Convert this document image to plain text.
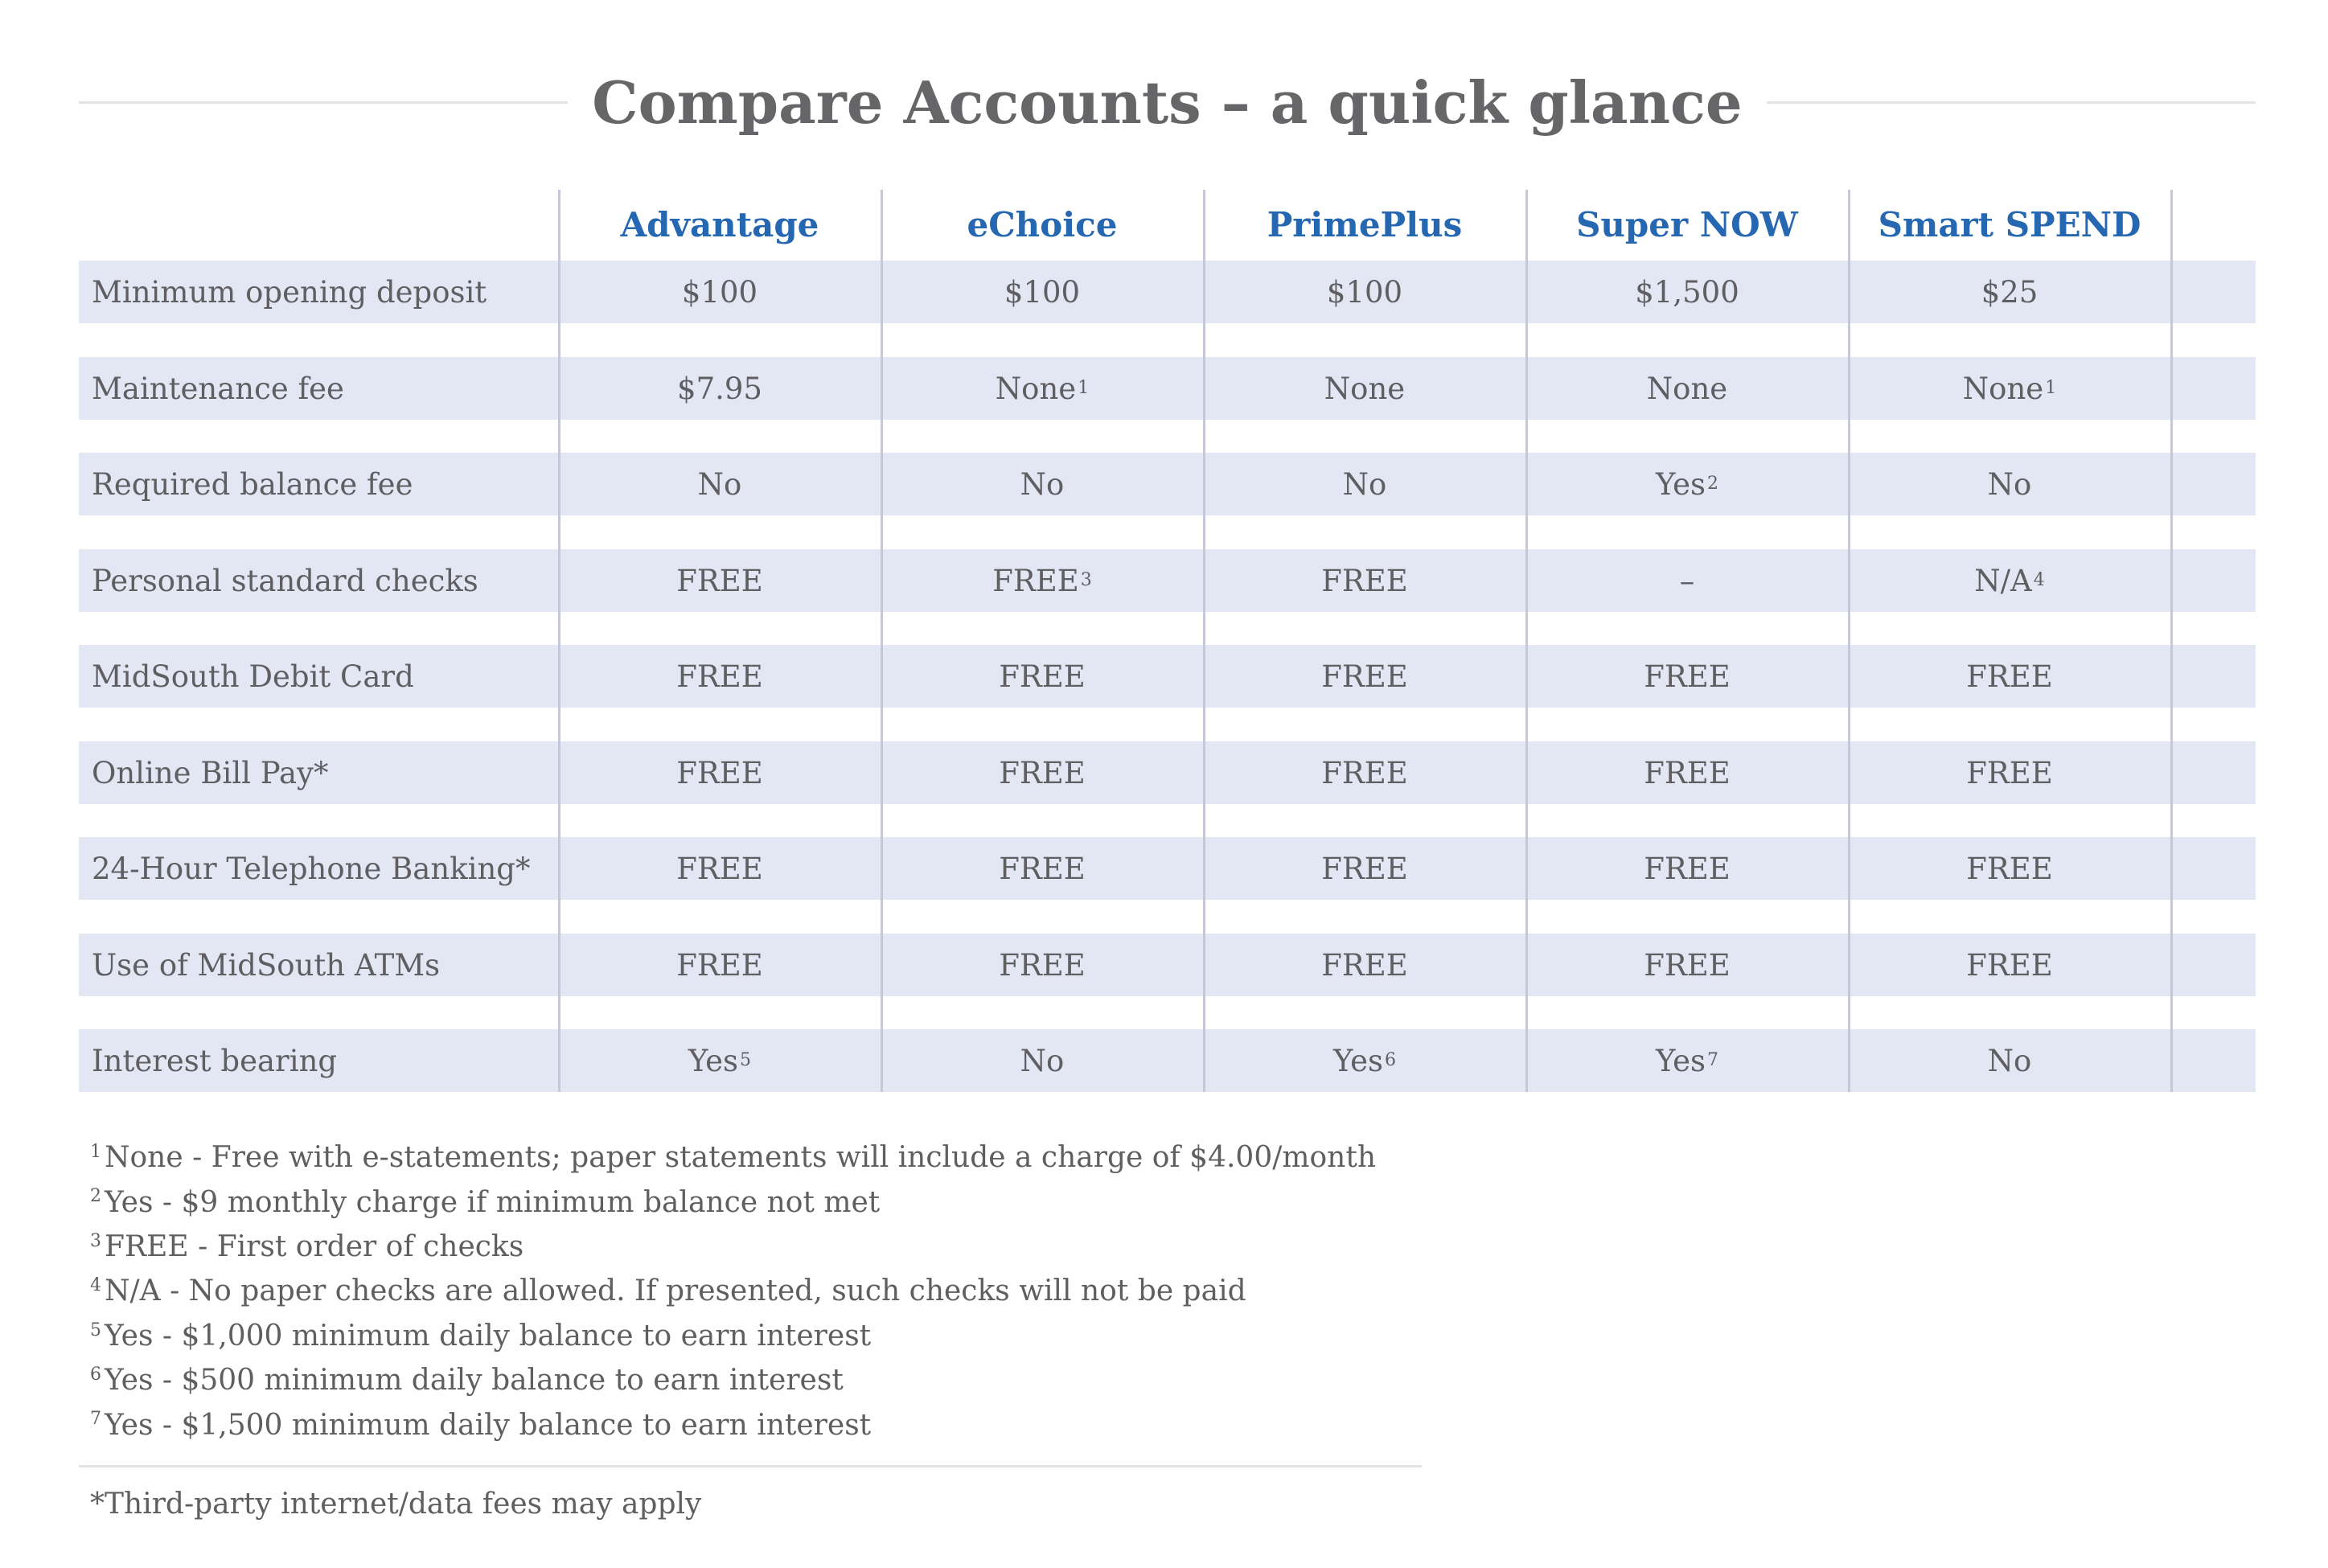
Compare Accounts – a quick glance
Advantage	eChoice	PrimePlus	Super NOW	Smart SPEND
Minimum opening deposit	$100	$100	$100	$1,500	$25
Maintenance fee	$7.95	None 1	None	None	None 1
Required balance fee	No	No	No	Yes 2	No
Personal standard checks	FREE	FREE 3	FREE	–	N/A 4
MidSouth Debit Card	FREE	FREE	FREE	FREE	FREE
Online Bill Pay*	FREE	FREE	FREE	FREE	FREE
24-Hour Telephone Banking*	FREE	FREE	FREE	FREE	FREE
Use of MidSouth ATMs	FREE	FREE	FREE	FREE	FREE
Interest bearing	Yes 5	No	Yes 6	Yes 7	No
1 None - Free with e-statements; paper statements will include a charge of $4.00/month
2 Yes - $9 monthly charge if minimum balance not met
3 FREE - First order of checks
4 N/A - No paper checks are allowed. If presented, such checks will not be paid
5 Yes - $1,000 minimum daily balance to earn interest
6 Yes - $500 minimum daily balance to earn interest
7 Yes - $1,500 minimum daily balance to earn interest
*Third-party internet/data fees may apply
